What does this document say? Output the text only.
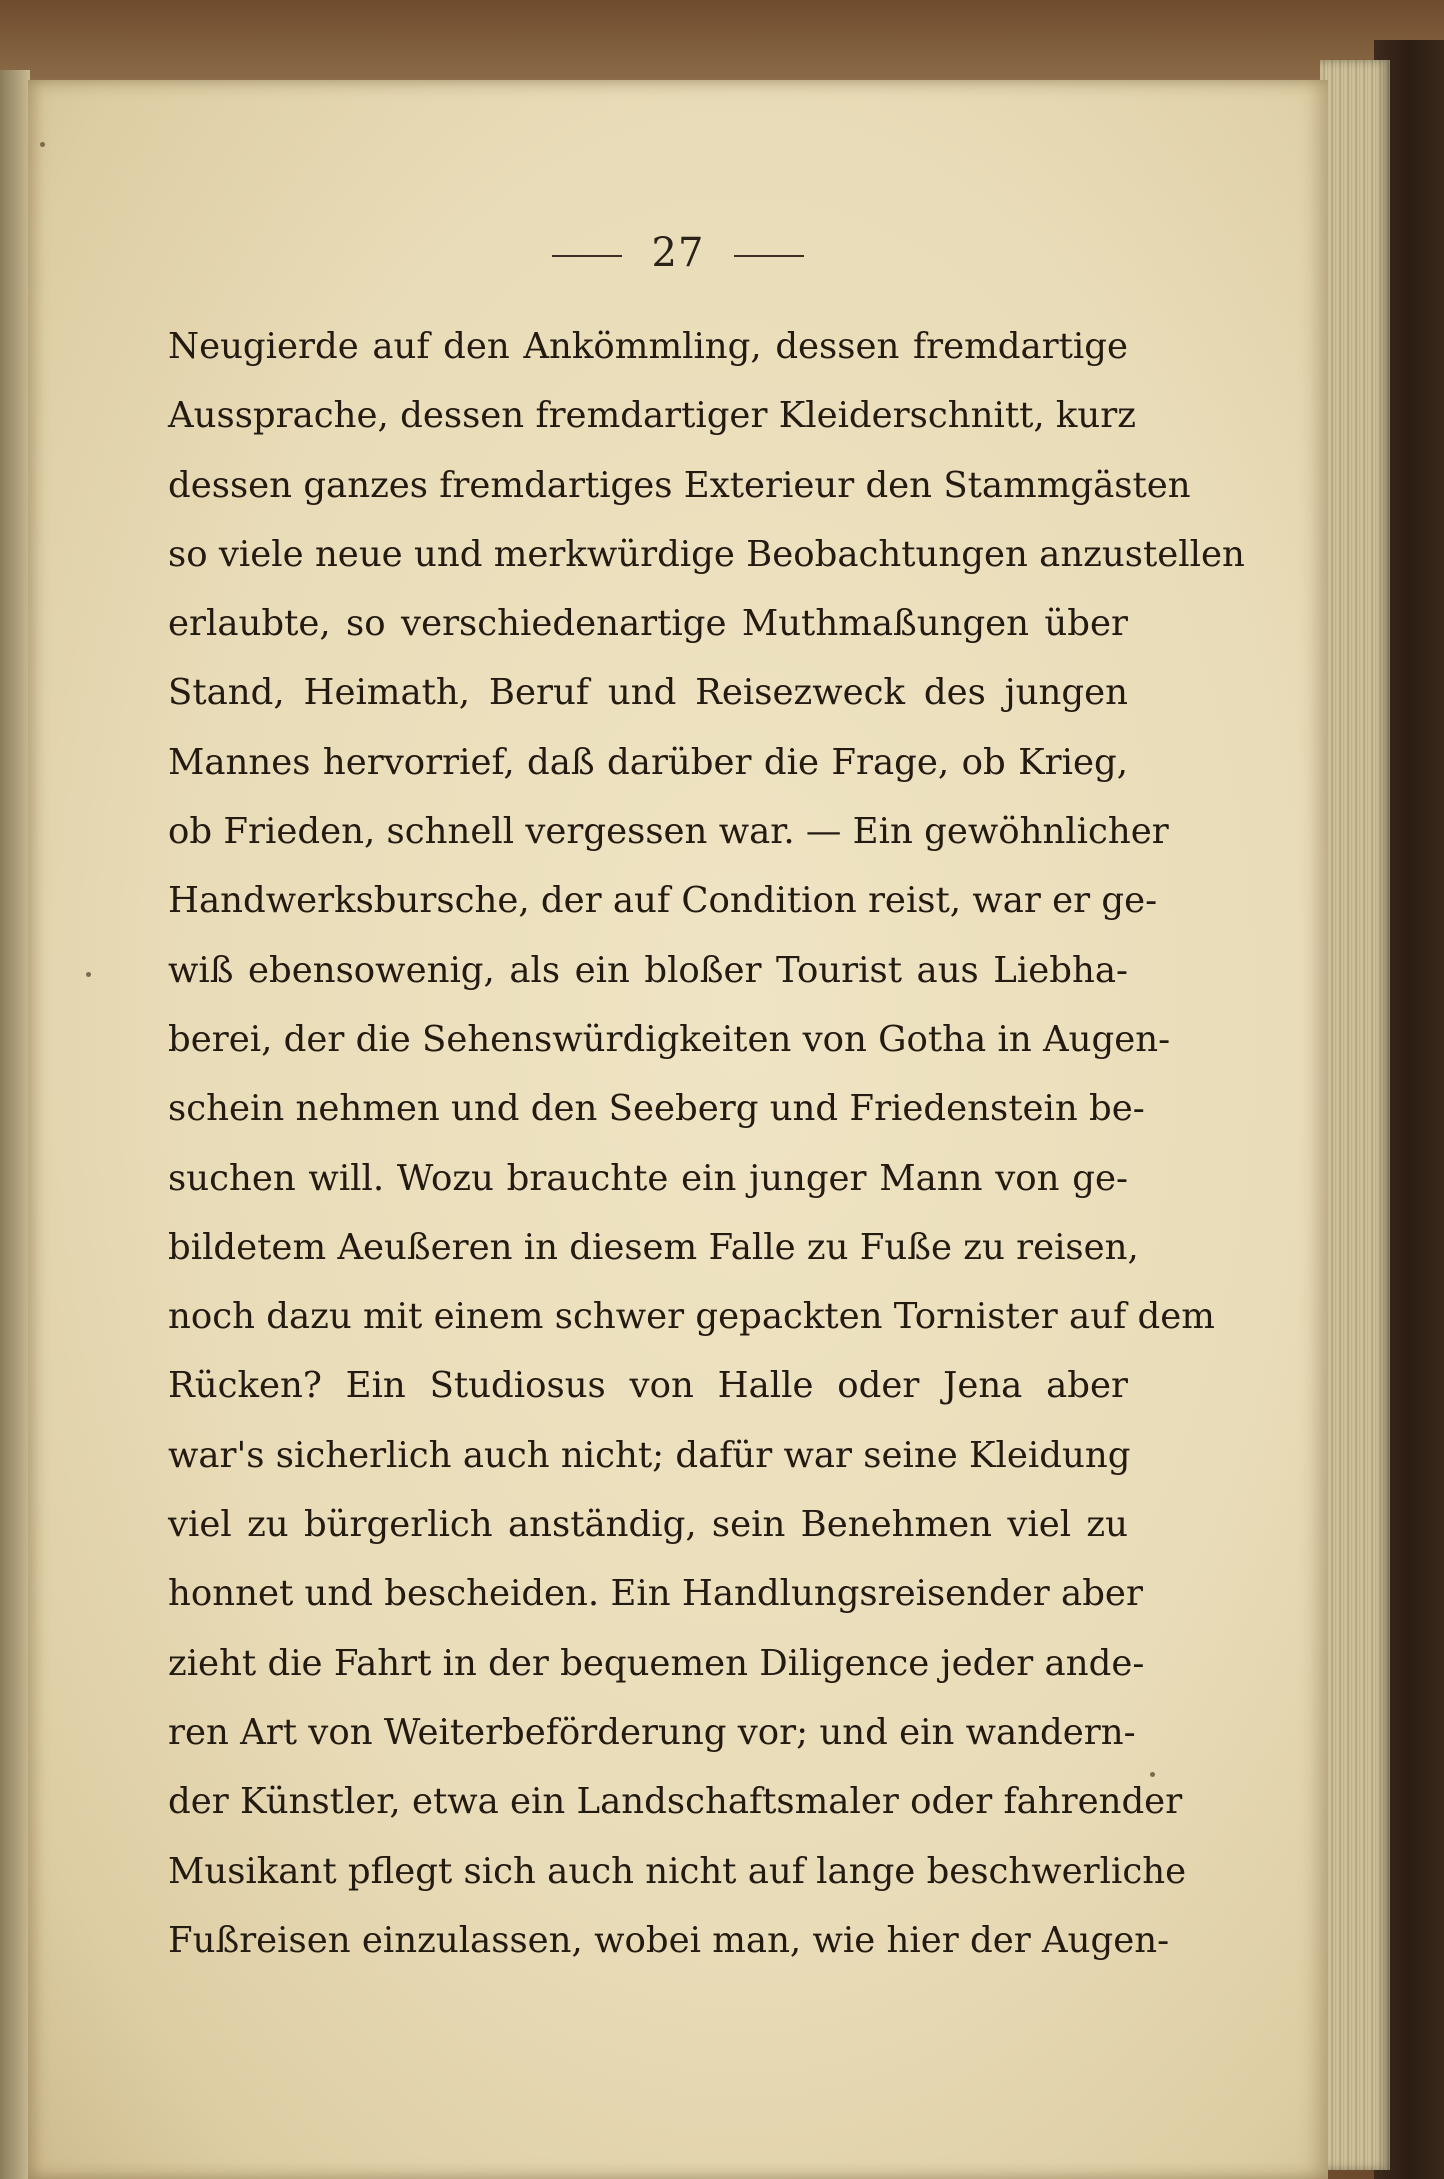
27
Neugierde auf den Ankömmling, dessen fremdartige
Aussprache, dessen fremdartiger Kleiderschnitt, kurz
dessen ganzes fremdartiges Exterieur den Stammgästen
so viele neue und merkwürdige Beobachtungen anzustellen
erlaubte, so verschiedenartige Muthmaßungen über
Stand, Heimath, Beruf und Reisezweck des jungen
Mannes hervorrief, daß darüber die Frage, ob Krieg,
ob Frieden, schnell vergessen war. — Ein gewöhnlicher
Handwerksbursche, der auf Condition reist, war er ge-
wiß ebensowenig, als ein bloßer Tourist aus Liebha-
berei, der die Sehenswürdigkeiten von Gotha in Augen-
schein nehmen und den Seeberg und Friedenstein be-
suchen will. Wozu brauchte ein junger Mann von ge-
bildetem Aeußeren in diesem Falle zu Fuße zu reisen,
noch dazu mit einem schwer gepackten Tornister auf dem
Rücken? Ein Studiosus von Halle oder Jena aber
war's sicherlich auch nicht; dafür war seine Kleidung
viel zu bürgerlich anständig, sein Benehmen viel zu
honnet und bescheiden. Ein Handlungsreisender aber
zieht die Fahrt in der bequemen Diligence jeder ande-
ren Art von Weiterbeförderung vor; und ein wandern-
der Künstler, etwa ein Landschaftsmaler oder fahrender
Musikant pflegt sich auch nicht auf lange beschwerliche
Fußreisen einzulassen, wobei man, wie hier der Augen-
